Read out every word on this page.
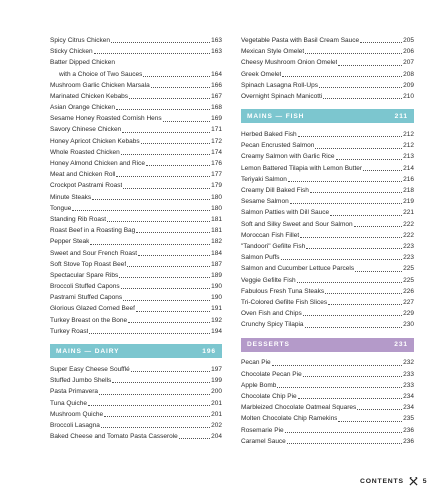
Spicy Citrus Chicken	163
Sticky Chicken	163
Batter Dipped Chicken
with a Choice of Two Sauces	164
Mushroom Garlic Chicken Marsala	166
Marinated Chicken Kebabs	167
Asian Orange Chicken	168
Sesame Honey Roasted Cornish Hens	169
Savory Chinese Chicken	171
Honey Apricot Chicken Kebabs	172
Whole Roasted Chicken	174
Honey Almond Chicken and Rice	176
Meat and Chicken Roll	177
Crockpot Pastrami Roast	179
Minute Steaks	180
Tongue	180
Standing Rib Roast	181
Roast Beef in a Roasting Bag	181
Pepper Steak	182
Sweet and Sour French Roast	184
Soft Stove Top Roast Beef	187
Spectacular Spare Ribs	189
Broccoli Stuffed Capons	190
Pastrami Stuffed Capons	190
Glorious Glazed Corned Beef	191
Turkey Breast on the Bone	192
Turkey Roast	194
MAINS — DAIRY	196
Super Easy Cheese Soufflé	197
Stuffed Jumbo Shells	199
Pasta Primavera	200
Tuna Quiche	201
Mushroom Quiche	201
Broccoli Lasagna	202
Baked Cheese and Tomato Pasta Casserole	204
Vegetable Pasta with Basil Cream Sauce	205
Mexican Style Omelet	206
Cheesy Mushroom Onion Omelet	207
Greek Omelet	208
Spinach Lasagna Roll-Ups	209
Overnight Spinach Manicotti	210
MAINS — FISH	211
Herbed Baked Fish	212
Pecan Encrusted Salmon	212
Creamy Salmon with Garlic Rice	213
Lemon Battered Tilapia with Lemon Butter	214
Teriyaki Salmon	216
Creamy Dill Baked Fish	218
Sesame Salmon	219
Salmon Patties with Dill Sauce	221
Soft and Silky Sweet and Sour Salmon	222
Moroccan Fish Fillet	222
"Tandoori" Gefilte Fish	223
Salmon Puffs	223
Salmon and Cucumber Lettuce Parcels	225
Veggie Gefilte Fish	225
Fabulous Fresh Tuna Steaks	226
Tri-Colored Gefilte Fish Slices	227
Oven Fish and Chips	229
Crunchy Spicy Tilapia	230
DESSERTS	231
Pecan Pie	232
Chocolate Pecan Pie	233
Apple Bomb	233
Chocolate Chip Pie	234
Marbleized Chocolate Oatmeal Squares	234
Molten Chocolate Chip Ramekins	235
Rosemarie Pie	236
Caramel Sauce	236
CONTENTS	5
